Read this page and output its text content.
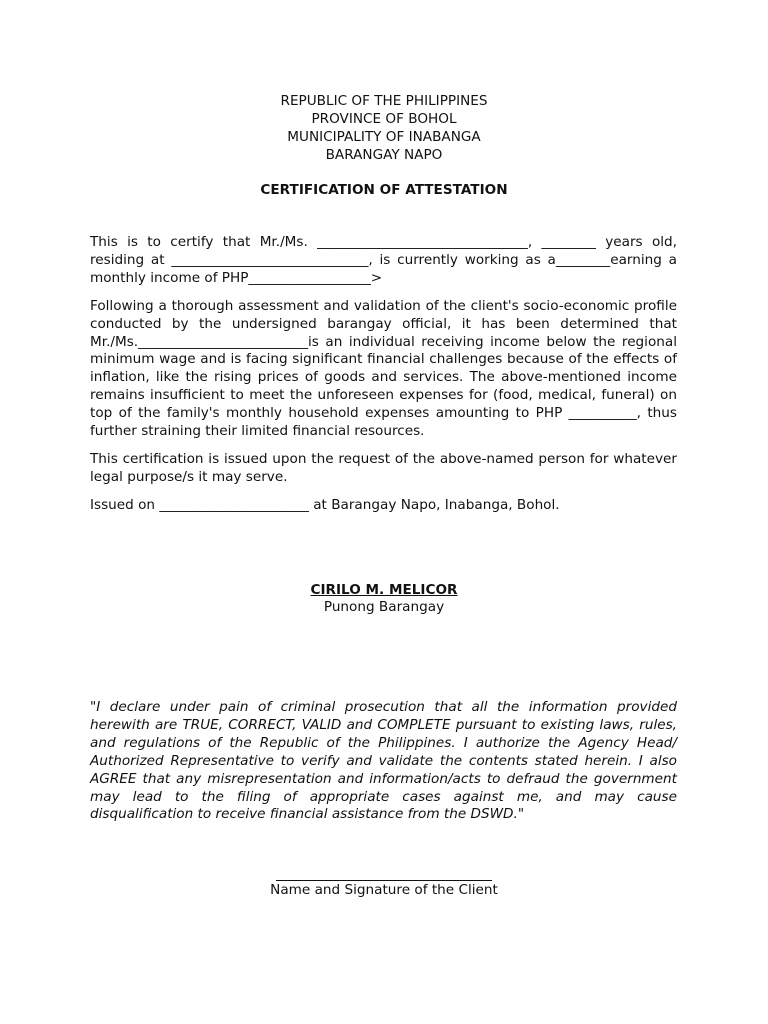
REPUBLIC OF THE PHILIPPINES
PROVINCE OF BOHOL
MUNICIPALITY OF INABANGA
BARANGAY NAPO
CERTIFICATION OF ATTESTATION

This is to certify that Mr./Ms. _______________________________, ________ years old, residing at _____________________________, is currently working as a________earning a monthly income of PHP__________________>

Following a thorough assessment and validation of the client's socio-economic profile conducted by the undersigned barangay official, it has been determined that Mr./Ms._________________________is an individual receiving income below the regional minimum wage and is facing significant financial challenges because of the effects of inflation, like the rising prices of goods and services. The above-mentioned income remains insufficient to meet the unforeseen expenses for (food, medical, funeral) on top of the family's monthly household expenses amounting to PHP __________, thus further straining their limited financial resources.

This certification is issued upon the request of the above-named person for whatever legal purpose/s it may serve.

Issued on ______________________ at Barangay Napo, Inabanga, Bohol.

CIRILO M. MELICOR
Punong Barangay

"I declare under pain of criminal prosecution that all the information provided herewith are TRUE, CORRECT, VALID and COMPLETE pursuant to existing laws, rules, and regulations of the Republic of the Philippines. I authorize the Agency Head/ Authorized Representative to verify and validate the contents stated herein. I also AGREE that any misrepresentation and information/acts to defraud the government may lead to the filing of appropriate cases against me, and may cause disqualification to receive financial assistance from the DSWD."

Name and Signature of the Client
